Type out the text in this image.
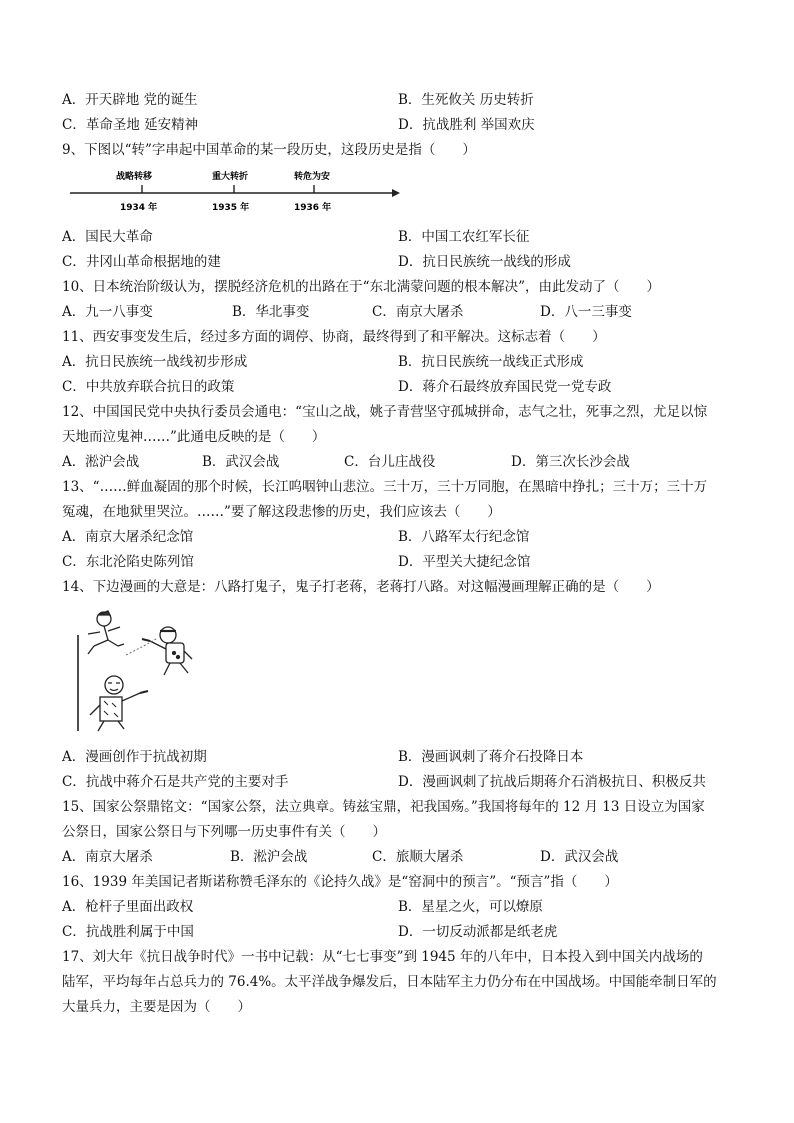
A．开天辟地 党的诞生	B．生死攸关 历史转折
C．革命圣地 延安精神	D．抗战胜利 举国欢庆
9、下图以“转”字串起中国革命的某一段历史，这段历史是指（　　）
战略转移	重大转折	转危为安
1934 年	1935 年	1936 年
A．国民大革命	B．中国工农红军长征
C．井冈山革命根据地的建	D．抗日民族统一战线的形成
10、日本统治阶级认为，摆脱经济危机的出路在于“东北满蒙问题的根本解决”，由此发动了（　　）
A．九一八事变	B．华北事变	C．南京大屠杀	D．八一三事变
11、西安事变发生后，经过多方面的调停、协商，最终得到了和平解决。这标志着（　　）
A．抗日民族统一战线初步形成	B．抗日民族统一战线正式形成
C．中共放弃联合抗日的政策	D．蒋介石最终放弃国民党一党专政
12、中国国民党中央执行委员会通电：“宝山之战，姚子青营坚守孤城拼命，志气之壮，死事之烈，尤足以惊
天地而泣鬼神……”此通电反映的是（　　）
A．淞沪会战	B．武汉会战	C．台儿庄战役	D．第三次长沙会战
13、“……鲜血凝固的那个时候，长江呜咽钟山悲泣。三十万，三十万同胞，在黑暗中挣扎；三十万；三十万
冤魂，在地狱里哭泣。……”要了解这段悲惨的历史，我们应该去（　　）
A．南京大屠杀纪念馆	B．八路军太行纪念馆
C．东北沦陷史陈列馆	D．平型关大捷纪念馆
14、下边漫画的大意是：八路打鬼子，鬼子打老蒋，老蒋打八路。对这幅漫画理解正确的是（　　）
A．漫画创作于抗战初期	B．漫画讽刺了蒋介石投降日本
C．抗战中蒋介石是共产党的主要对手	D．漫画讽刺了抗战后期蒋介石消极抗日、积极反共
15、国家公祭鼎铭文：“国家公祭，法立典章。铸兹宝鼎，祀我国殇。”我国将每年的 12 月 13 日设立为国家
公祭日，国家公祭日与下列哪一历史事件有关（　　）
A．南京大屠杀	B．淞沪会战	C．旅顺大屠杀	D．武汉会战
16、1939 年美国记者斯诺称赞毛泽东的《论持久战》是“窑洞中的预言”。“预言”指（　　）
A．枪杆子里面出政权	B．星星之火，可以燎原
C．抗战胜利属于中国	D．一切反动派都是纸老虎
17、刘大年《抗日战争时代》一书中记载：从“七七事变”到 1945 年的八年中，日本投入到中国关内战场的
陆军，平均每年占总兵力的 76.4%。太平洋战争爆发后，日本陆军主力仍分布在中国战场。中国能牵制日军的
大量兵力，主要是因为（　　）
